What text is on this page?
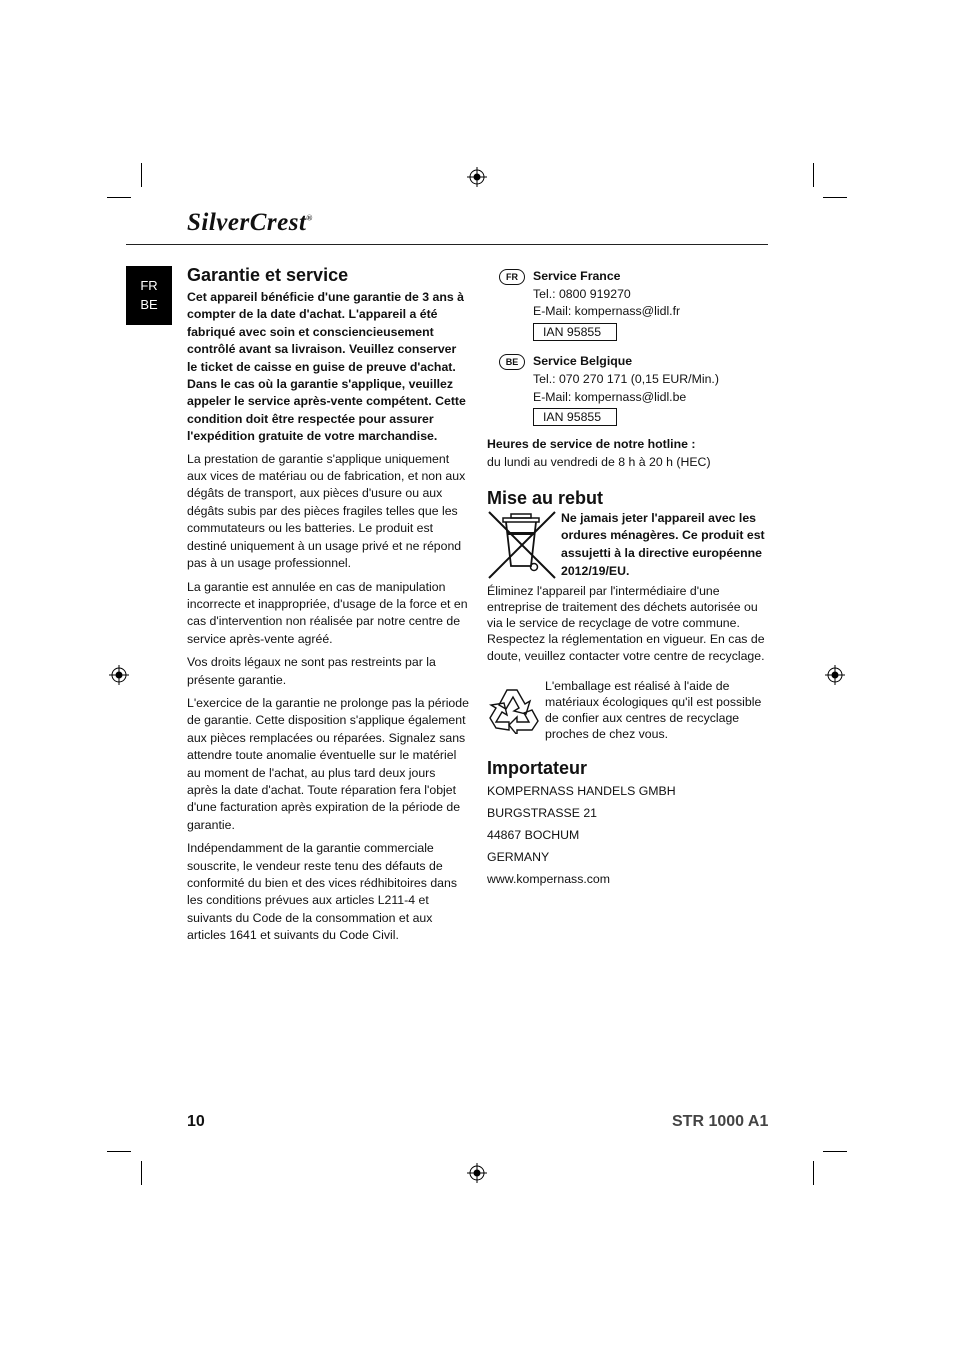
SilverCrest®
FR
BE
Garantie et service

Cet appareil bénéficie d'une garantie de 3 ans à compter de la date d'achat. L'appareil a été fabriqué avec soin et consciencieusement contrôlé avant sa livraison. Veuillez conserver le ticket de caisse en guise de preuve d'achat. Dans le cas où la garantie s'applique, veuillez appeler le service après-vente compétent. Cette condition doit être respectée pour assurer l'expédition gratuite de votre marchandise.

La prestation de garantie s'applique uniquement aux vices de matériau ou de fabrication, et non aux dégâts de transport, aux pièces d'usure ou aux dégâts subis par des pièces fragiles telles que les commutateurs ou les batteries. Le produit est destiné uniquement à un usage privé et ne répond pas à un usage professionnel.

La garantie est annulée en cas de manipulation incorrecte et inappropriée, d'usage de la force et en cas d'intervention non réalisée par notre centre de service après-vente agréé.

Vos droits légaux ne sont pas restreints par la présente garantie.

L'exercice de la garantie ne prolonge pas la période de garantie. Cette disposition s'applique également aux pièces remplacées ou réparées. Signalez sans attendre toute anomalie éventuelle sur le matériel au moment de l'achat, au plus tard deux jours après la date d'achat. Toute réparation fera l'objet d'une facturation après expiration de la période de garantie.

Indépendamment de la garantie commerciale souscrite, le vendeur reste tenu des défauts de conformité du bien et des vices rédhibitoires dans les conditions prévues aux articles L211-4 et suivants du Code de la consommation et aux articles 1641 et suivants du Code Civil.

FR	Service France
Tel.: 0800 919270
E-Mail: kompernass@lidl.fr
IAN 95855
BE	Service Belgique
Tel.: 070 270 171 (0,15 EUR/Min.)
E-Mail: kompernass@lidl.be
IAN 95855
Heures de service de notre hotline :
du lundi au vendredi de 8 h à 20 h (HEC)
Mise au rebut
Ne jamais jeter l'appareil avec les ordures ménagères. Ce produit est assujetti à la directive européenne 2012/19/EU.

Éliminez l'appareil par l'intermédiaire d'une entreprise de traitement des déchets autorisée ou via le service de recyclage de votre commune. Respectez la réglementation en vigueur. En cas de doute, veuillez contacter votre centre de recyclage.

L'emballage est réalisé à l'aide de matériaux écologiques qu'il est possible de confier aux centres de recyclage proches de chez vous.
Importateur
KOMPERNASS HANDELS GMBH
BURGSTRASSE 21
44867 BOCHUM
GERMANY
www.kompernass.com
10	STR 1000 A1
